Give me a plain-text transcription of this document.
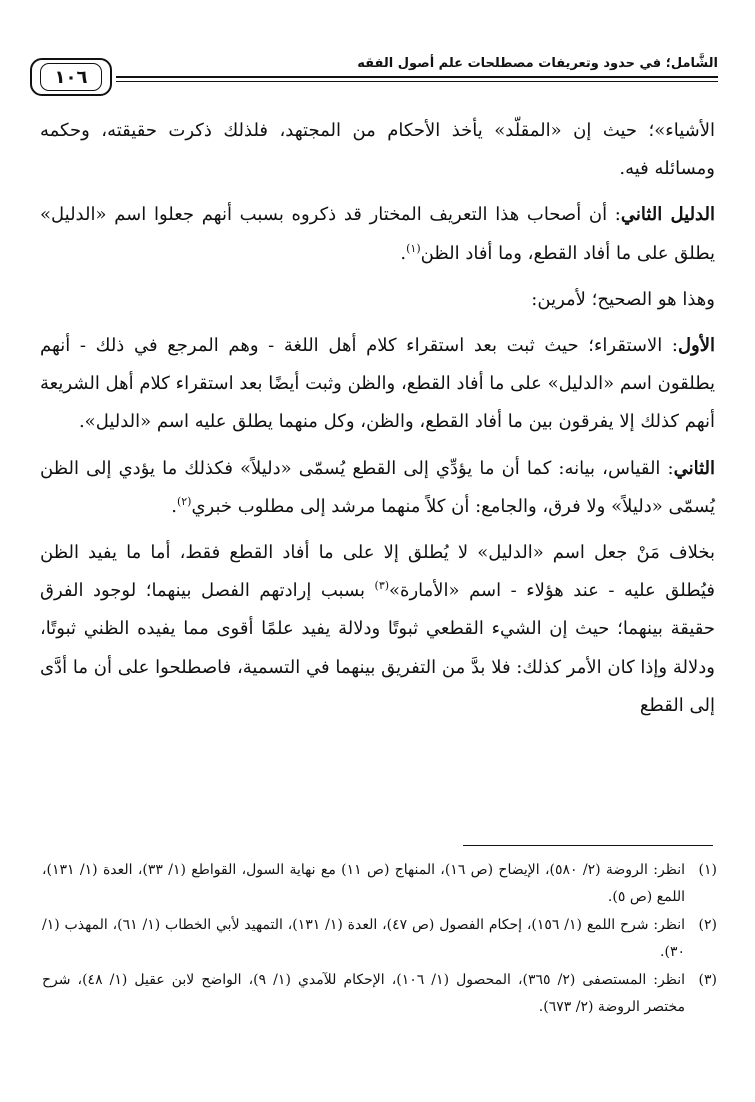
الشَّامل؛ في حدود وتعريفات مصطلحات علم أصول الفقه
١٠٦

الأشياء»؛ حيث إن «المقلّد» يأخذ الأحكام من المجتهد، فلذلك ذكرت حقيقته، وحكمه ومسائله فيه.

الدليل الثاني: أن أصحاب هذا التعريف المختار قد ذكروه بسبب أنهم جعلوا اسم «الدليل» يطلق على ما أفاد القطع، وما أفاد الظن$^{(١)}$.

وهذا هو الصحيح؛ لأمرين:

الأول: الاستقراء؛ حيث ثبت بعد استقراء كلام أهل اللغة - وهم المرجع في ذلك - أنهم يطلقون اسم «الدليل» على ما أفاد القطع، والظن وثبت أيضًا بعد استقراء كلام أهل الشريعة أنهم كذلك إلا يفرقون بين ما أفاد القطع، والظن، وكل منهما يطلق عليه اسم «الدليل».

الثاني: القياس، بيانه: كما أن ما يؤدِّي إلى القطع يُسمّى «دليلاً» فكذلك ما يؤدي إلى الظن يُسمّى «دليلاً» ولا فرق، والجامع: أن كلاً منهما مرشد إلى مطلوب خبري$^{(٢)}$.

بخلاف مَنْ جعل اسم «الدليل» لا يُطلق إلا على ما أفاد القطع فقط، أما ما يفيد الظن فيُطلق عليه - عند هؤلاء - اسم «الأمارة»$^{(٣)}$ بسبب إرادتهم الفصل بينهما؛ لوجود الفرق حقيقة بينهما؛ حيث إن الشيء القطعي ثبوتًا ودلالة يفيد علمًا أقوى مما يفيده الظني ثبوتًا، ودلالة وإذا كان الأمر كذلك: فلا بدَّ من التفريق بينهما في التسمية، فاصطلحوا على أن ما أدَّى إلى القطع

(١)
انظر: الروضة (٢/ ٥٨٠)، الإيضاح (ص ١٦)، المنهاج (ص ١١) مع نهاية السول، القواطع (١/ ٣٣)، العدة (١/ ١٣١)، اللمع (ص ٥).
(٢)
انظر: شرح اللمع (١/ ١٥٦)، إحكام الفصول (ص ٤٧)، العدة (١/ ١٣١)، التمهيد لأبي الخطاب (١/ ٦١)، المهذب (١/ ٣٠).
(٣)
انظر: المستصفى (٢/ ٣٦٥)، المحصول (١/ ١٠٦)، الإحكام للآمدي (١/ ٩)، الواضح لابن عقيل (١/ ٤٨)، شرح مختصر الروضة (٢/ ٦٧٣).
